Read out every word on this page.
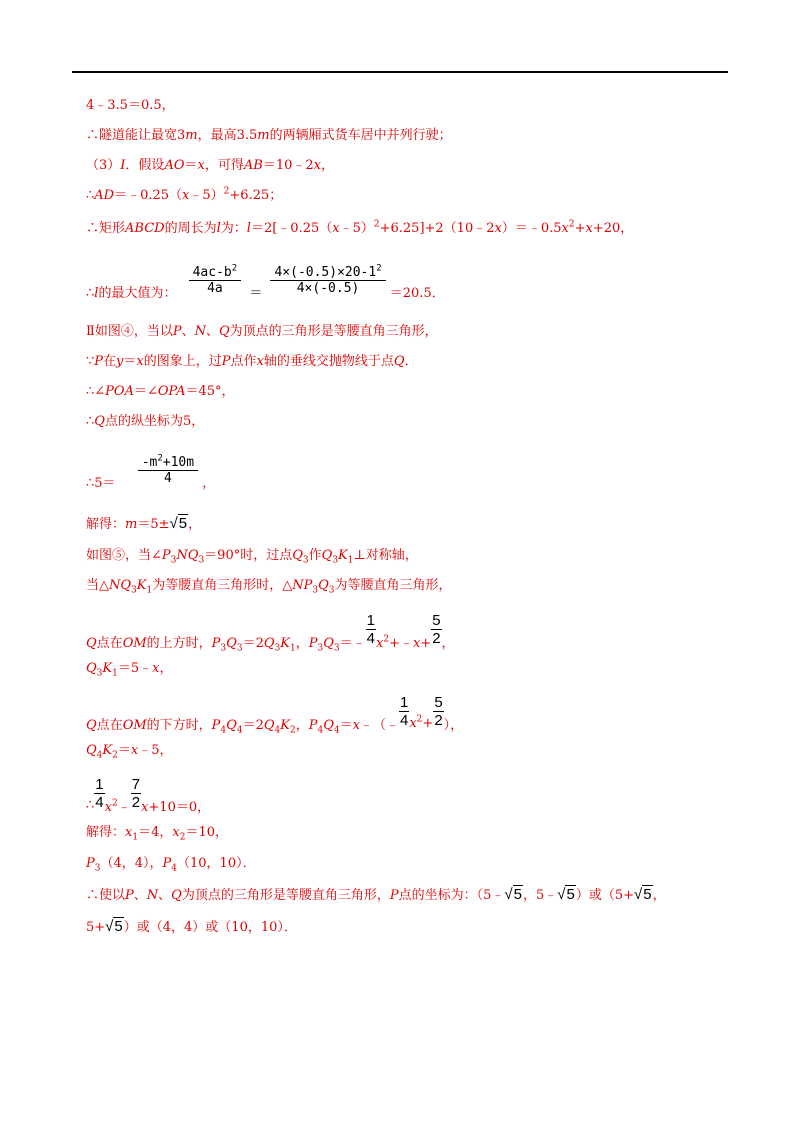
4﹣3.5＝0.5，
∴隧道能让最宽3m，最高3.5m的两辆厢式货车居中并列行驶；
（3）I．假设AO＝x，可得AB＝10﹣2x，
∴AD＝﹣0.25（x﹣5）$^2$+6.25；
∴矩形ABCD的周长为l为：$l=2[﹣0.25(x﹣5)^2+6.25]+2(10﹣2x)=﹣0.5x^2+x+20$，
∴l的最大值为： $\frac{4ac-b^2}{4a} = \frac{4\times(-0.5)\times 20-1^2}{4\times(-0.5)} =20.5$．
Ⅱ如图④，当以P、N、Q为顶点的三角形是等腰直角三角形，
∵P在y＝x的图象上，过P点作x轴的垂线交抛物线于点Q．
∴∠POA＝∠OPA＝45°，
∴Q点的纵坐标为5，
∴5＝ $\frac{-m^2+10m}{4}$ ，
解得：m＝5±√5，
如图⑤，当$\angle P_3NQ_3=90^\circ$时，过点$Q_3$作$Q_3K_1\perp$对称轴，
当$\triangle NQ_3K_1$为等腰直角三角形时，$\triangle NP_3Q_3$为等腰直角三角形，
Q点在OM的上方时，$P_3Q_3=2Q_3K_1$，$P_3Q_3=﹣ \frac{1}{4}$ $x^2+﹣x+ \frac{5}{2}$ ，
$Q_3K_1=5﹣x$，
Q点在OM的下方时，$P_4Q_4=2Q_4K_2$，$P_4Q_4=x﹣(﹣ \frac{1}{4} x^2+ \frac{5}{2}$ ），
$Q_4K_2=x﹣5$，
∴ $\frac{1}{4}$ $x^2﹣ \frac{7}{2} x+10=0$，
解得：$x_1=4$，$x_2=10$，
$P_3(4$，4），$P_4(10$，10）．
∴使以P、N、Q为顶点的三角形是等腰直角三角形，P点的坐标为：（5﹣√5，5﹣√5）或（5+√5，
5+√5）或（4，4）或（10，10）．
